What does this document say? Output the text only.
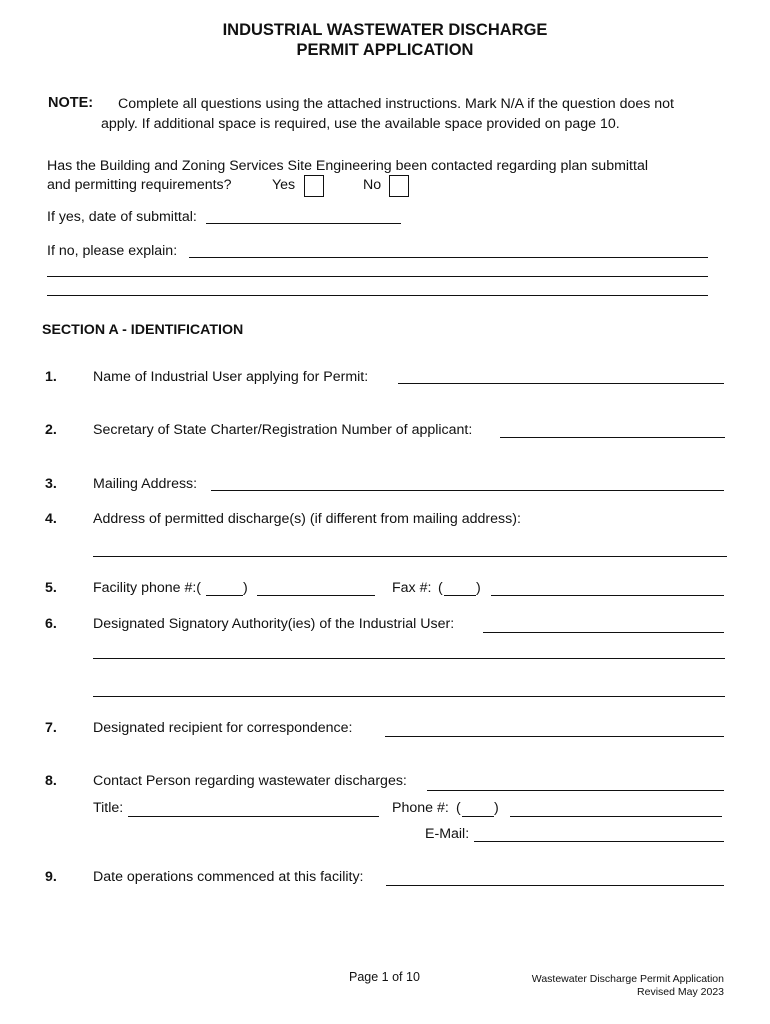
INDUSTRIAL WASTEWATER DISCHARGE
PERMIT APPLICATION
NOTE: Complete all questions using the attached instructions. Mark N/A if the question does not
apply. If additional space is required, use the available space provided on page 10.
Has the Building and Zoning Services Site Engineering been contacted regarding plan submittal
and permitting requirements?	Yes	No
If yes, date of submittal:
If no, please explain:
SECTION A - IDENTIFICATION
1.	Name of Industrial User applying for Permit:
2.	Secretary of State Charter/Registration Number of applicant:
3.	Mailing Address:
4.	Address of permitted discharge(s) (if different from mailing address):
5.	Facility phone #:(	)	Fax #: ( )
6.	Designated Signatory Authority(ies) of the Industrial User:
7.	Designated recipient for correspondence:
8.	Contact Person regarding wastewater discharges:
Title:	Phone #: ( )
E-Mail:
9.	Date operations commenced at this facility:
Page 1 of 10	Wastewater Discharge Permit Application
Revised May 2023
